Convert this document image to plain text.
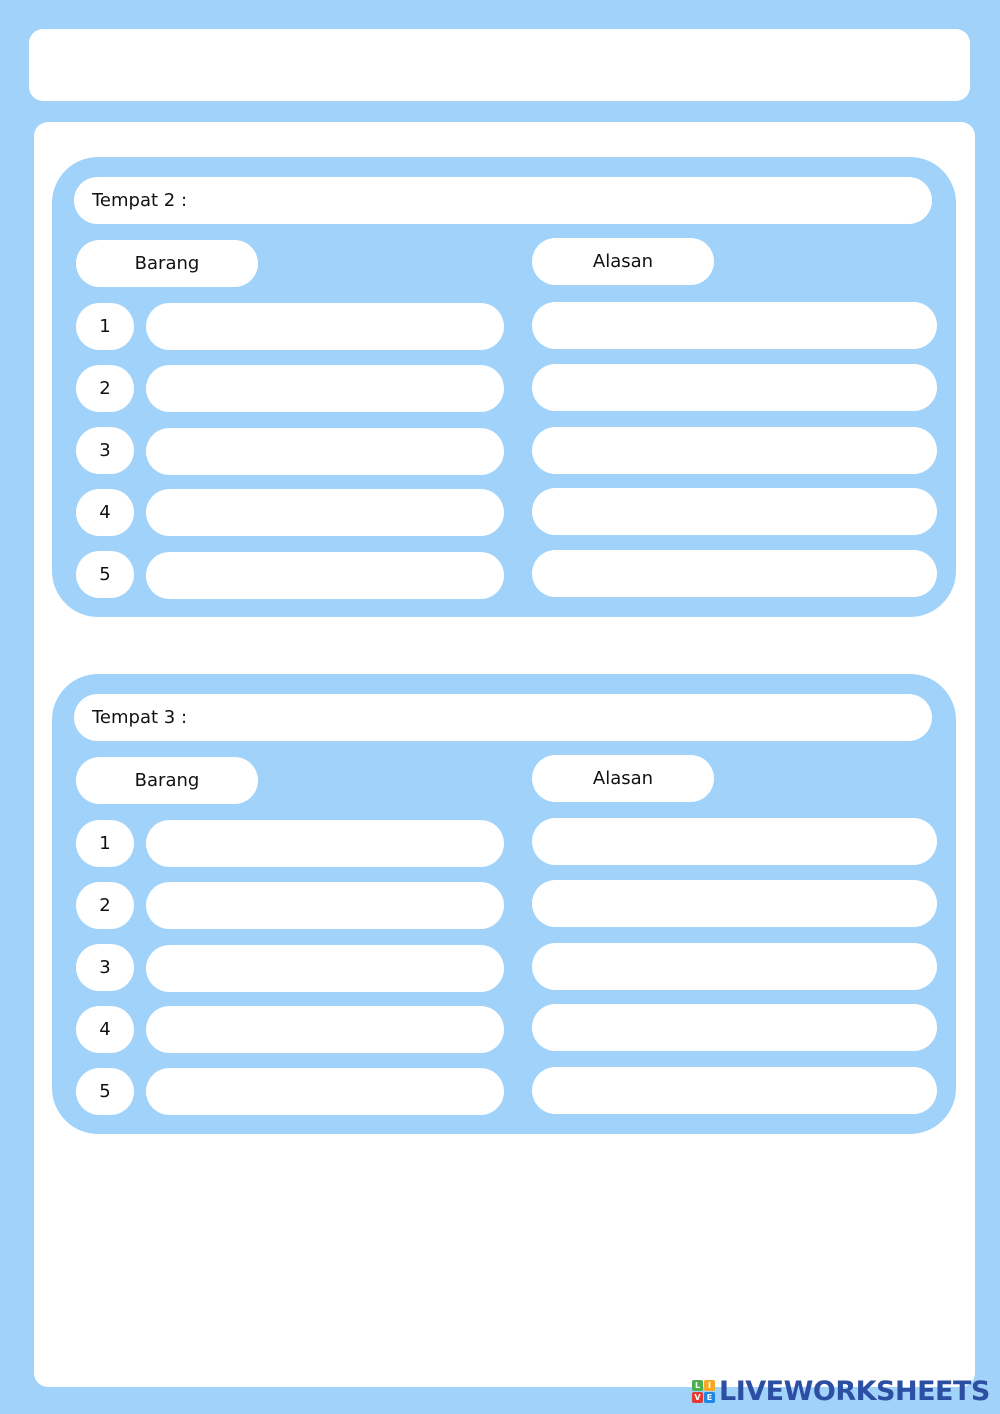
Tempat 2 :
Barang	Alasan
1
2
3
4
5
Tempat 3 :
Barang	Alasan
1
2
3
4
5
L I
V E LIVEWORKSHEETS
